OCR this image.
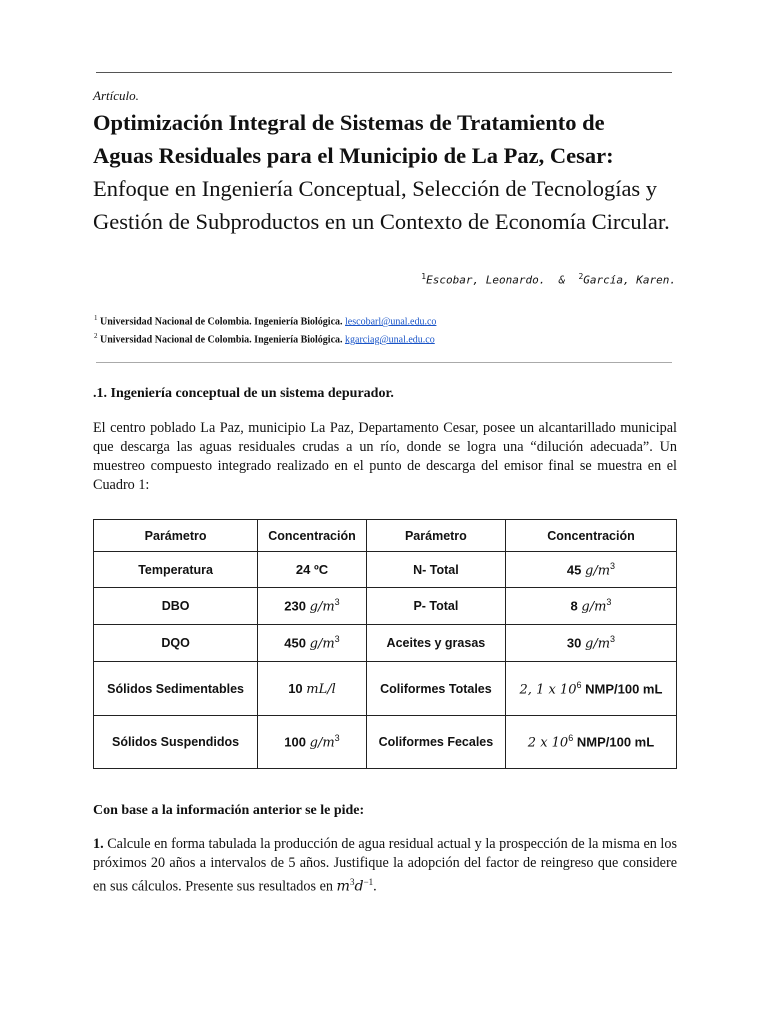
Artículo.
Optimización Integral de Sistemas de Tratamiento de
Aguas Residuales para el Municipio de La Paz, Cesar:
Enfoque en Ingeniería Conceptual, Selección de Tecnologías y Gestión de Subproductos en un Contexto de Economía Circular.
$^1$Escobar, Leonardo. & $^2$García, Karen.
$^1$ Universidad Nacional de Colombia. Ingeniería Biológica. lescobarl@unal.edu.co
$^2$ Universidad Nacional de Colombia. Ingeniería Biológica. kgarciag@unal.edu.co
.1. Ingeniería conceptual de un sistema depurador.
El centro poblado La Paz, municipio La Paz, Departamento Cesar, posee un alcantarillado municipal que descarga las aguas residuales crudas a un río, donde se logra una “dilución adecuada”. Un muestreo compuesto integrado realizado en el punto de descarga del emisor final se muestra en el Cuadro 1:
Parámetro	Concentración	Parámetro	Concentración
Temperatura	24 ºC	N- Total	45 $g/m^3$
DBO	230 $g/m^3$	P- Total	8 $g/m^3$
DQO	450 $g/m^3$	Aceites y grasas	30 $g/m^3$
Sólidos Sedimentables	10 mL/l	Coliformes Totales	2, 1 x $10^6$ NMP/100 mL
Sólidos Suspendidos	100 $g/m^3$	Coliformes Fecales	2 x $10^6$ NMP/100 mL
Con base a la información anterior se le pide:
1. Calcule en forma tabulada la producción de agua residual actual y la prospección de la misma en los próximos 20 años a intervalos de 5 años. Justifique la adopción del factor de reingreso que considere en sus cálculos. Presente sus resultados en $m^3d^{-1}$.
